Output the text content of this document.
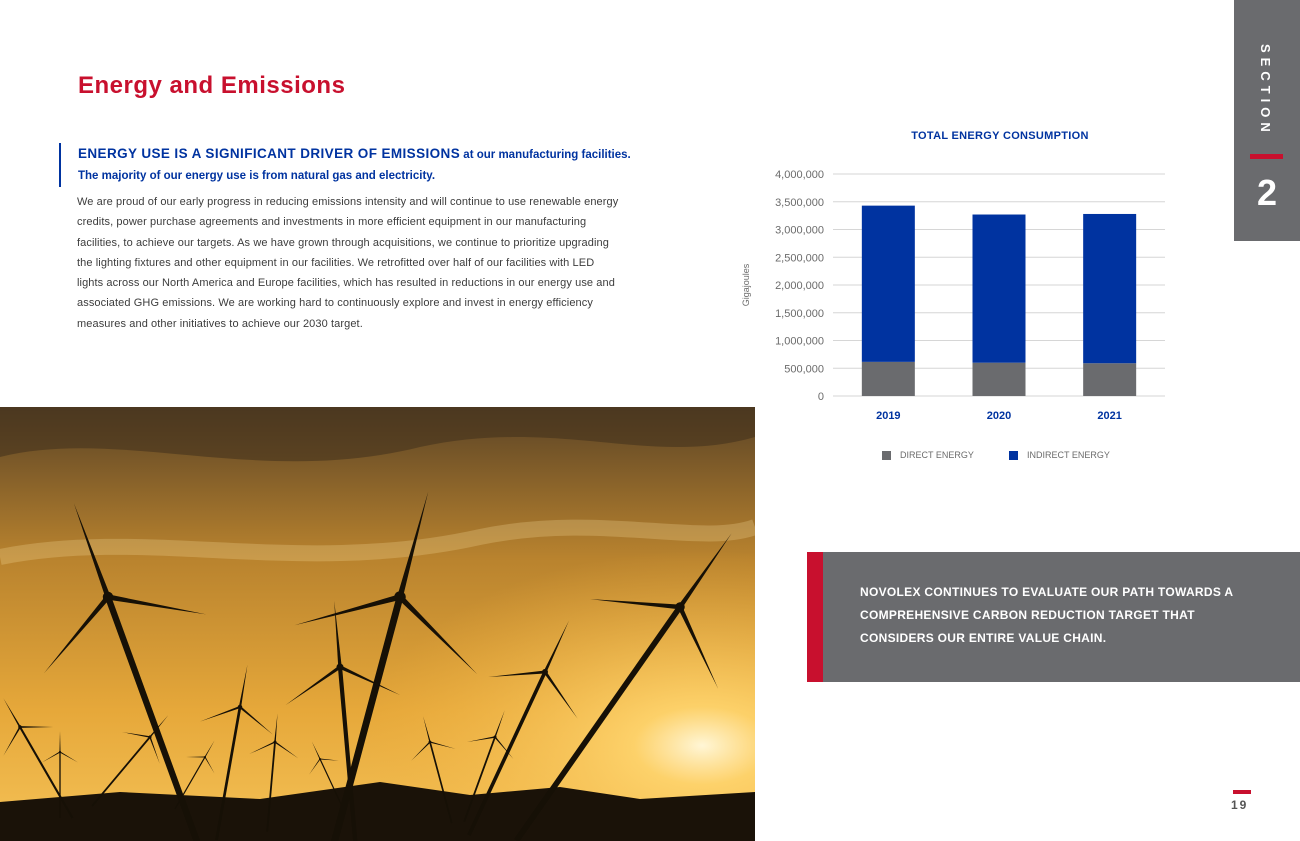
Energy and Emissions
ENERGY USE IS A SIGNIFICANT DRIVER OF EMISSIONS at our manufacturing facilities. The majority of our energy use is from natural gas and electricity.

We are proud of our early progress in reducing emissions intensity and will continue to use renewable energy credits, power purchase agreements and investments in more efficient equipment in our manufacturing facilities, to achieve our targets. As we have grown through acquisitions, we continue to prioritize upgrading the lighting fixtures and other equipment in our facilities. We retrofitted over half of our facilities with LED lights across our North America and Europe facilities, which has resulted in reductions in our energy use and associated GHG emissions. We are working hard to continuously explore and invest in energy efficiency measures and other initiatives to achieve our 2030 target.

TOTAL ENERGY CONSUMPTION
0
500,000
1,000,000
1,500,000
2,000,000
2,500,000
3,000,000
3,500,000
4,000,000
Gigajoules
2019	2020	2021
DIRECT ENERGY	INDIRECT ENERGY

NOVOLEX CONTINUES TO EVALUATE OUR PATH TOWARDS A COMPREHENSIVE CARBON REDUCTION TARGET THAT CONSIDERS OUR ENTIRE VALUE CHAIN.

SECTION
2
19
